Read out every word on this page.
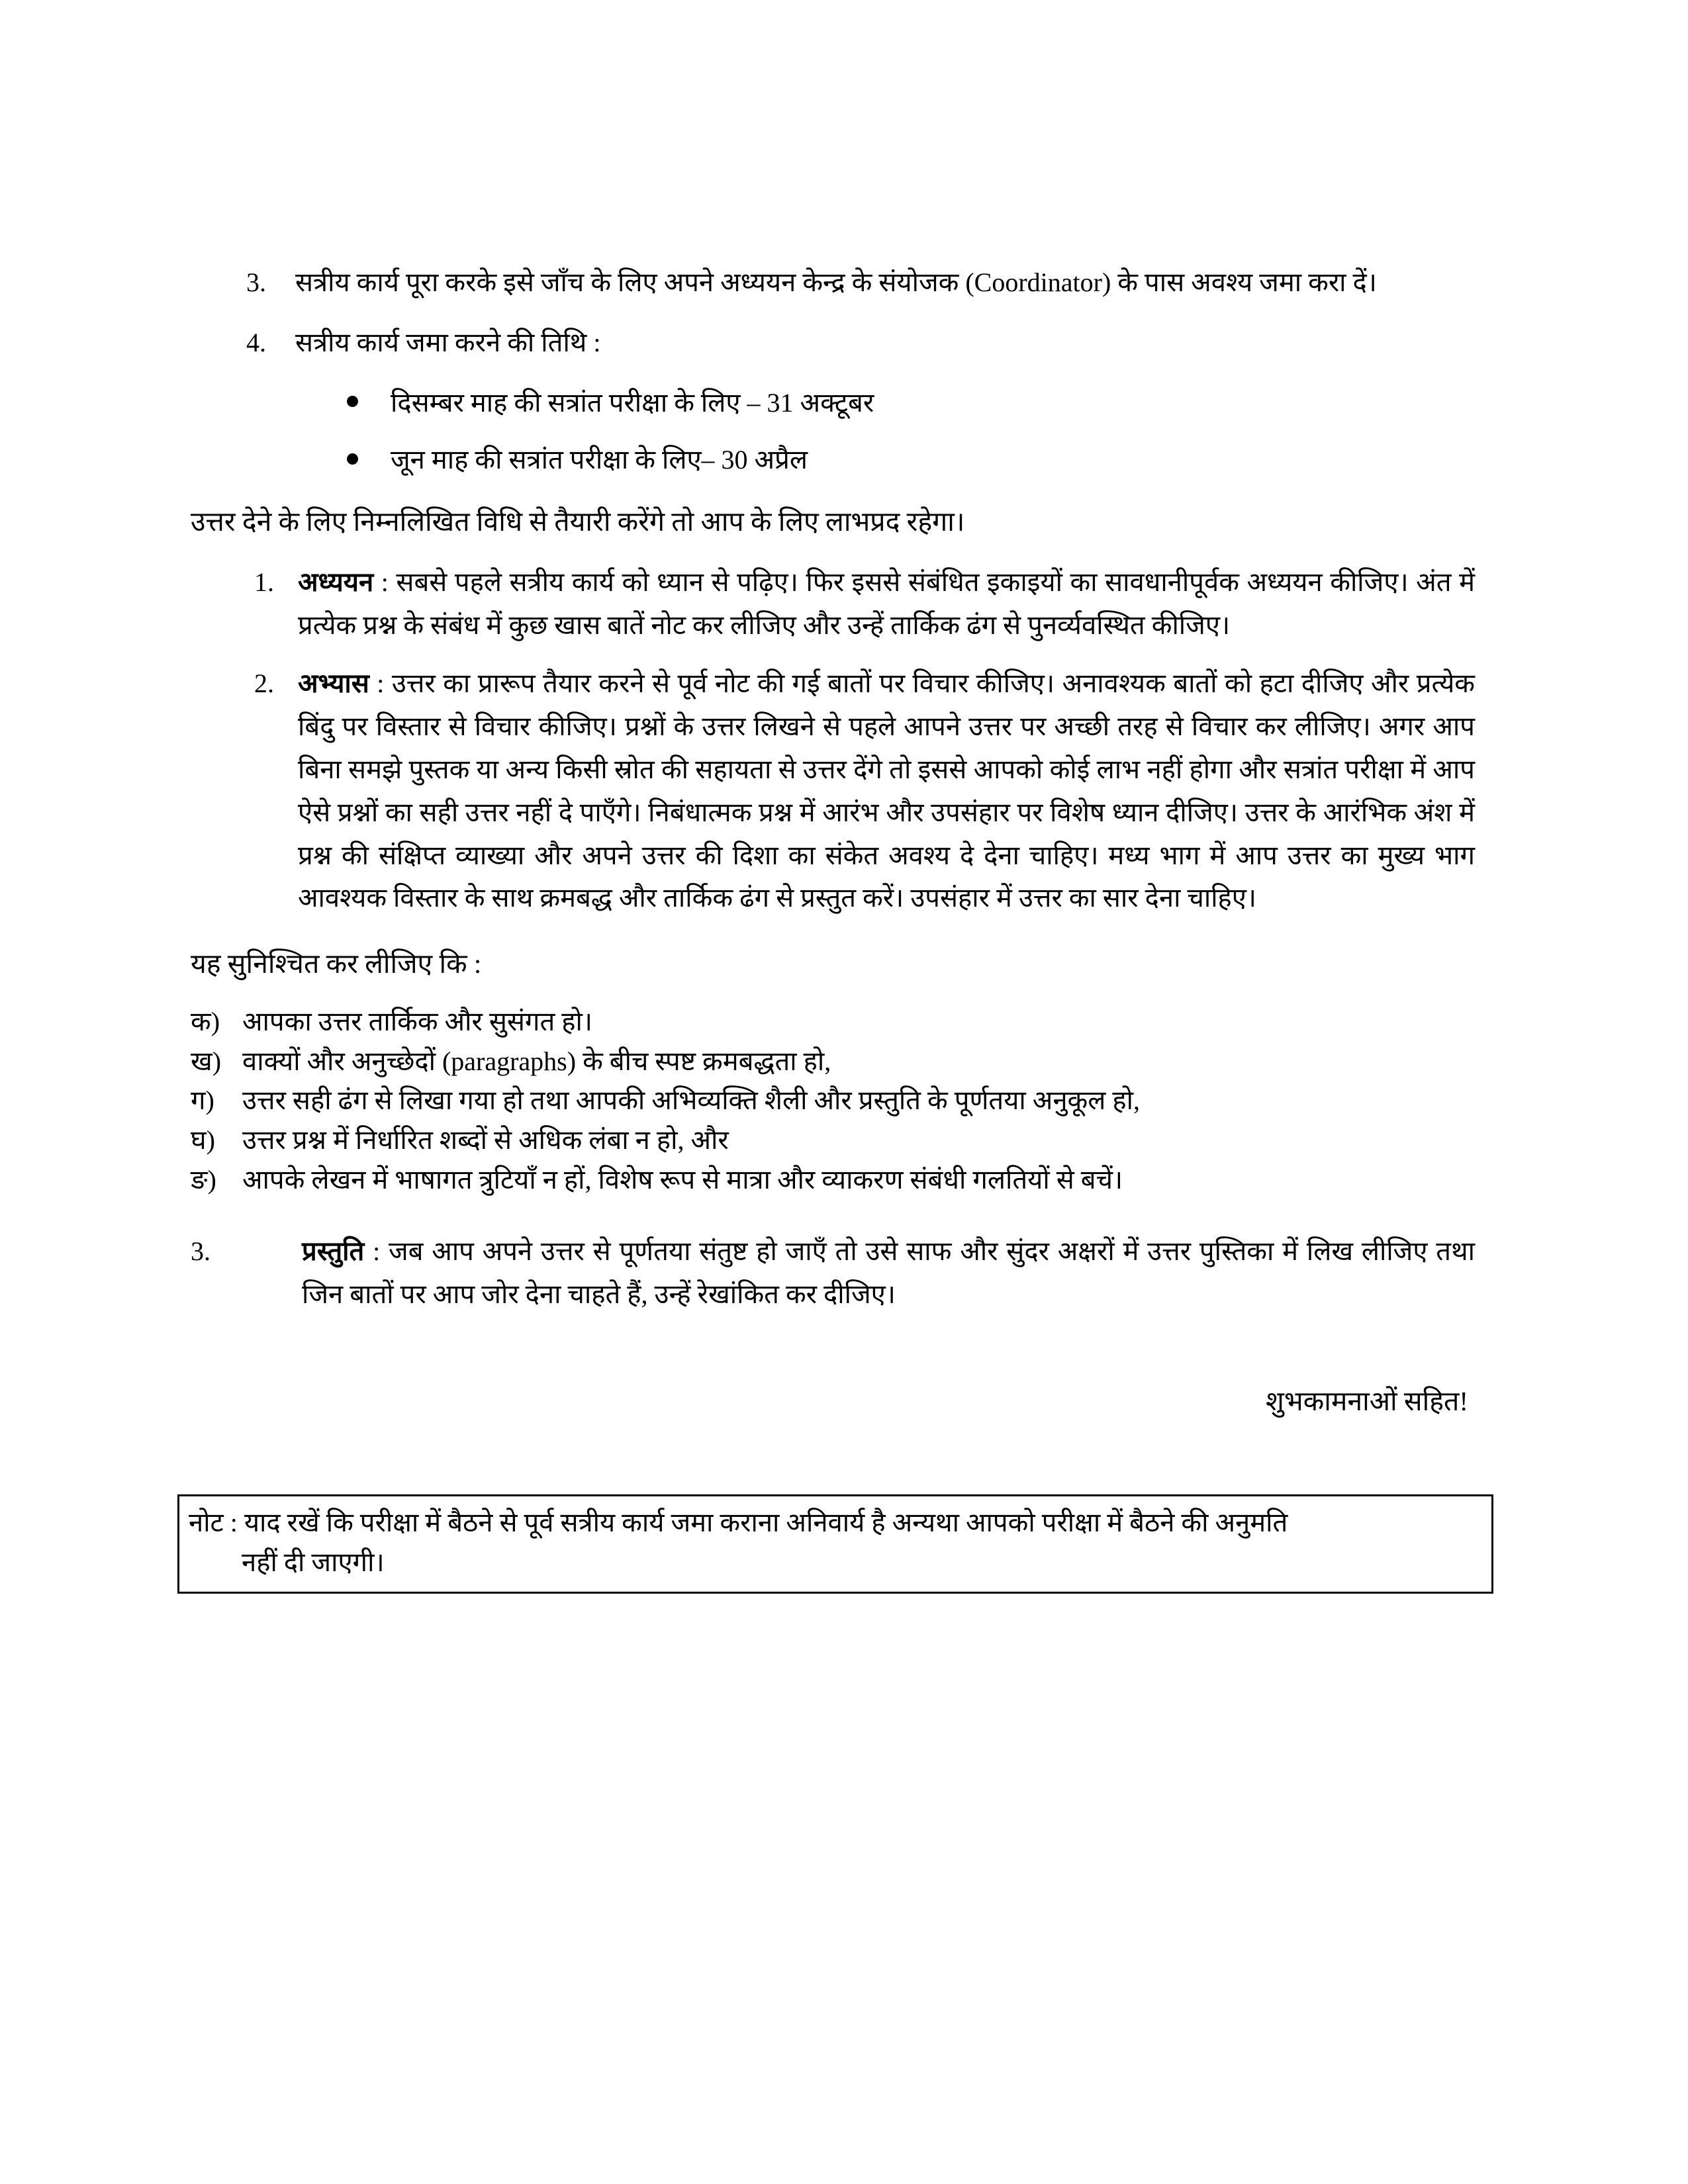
3.	सत्रीय कार्य पूरा करके इसे जाँच के लिए अपने अध्ययन केन्द्र के संयोजक (Coordinator) के पास अवश्य जमा करा दें।
4.	सत्रीय कार्य जमा करने की तिथि :
दिसम्बर माह की सत्रांत परीक्षा के लिए – 31 अक्टूबर
जून माह की सत्रांत परीक्षा के लिए– 30 अप्रैल
उत्तर देने के लिए निम्नलिखित विधि से तैयारी करेंगे तो आप के लिए लाभप्रद रहेगा।
1. अध्ययन : सबसे पहले सत्रीय कार्य को ध्यान से पढ़िए। फिर इससे संबंधित इकाइयों का सावधानीपूर्वक अध्ययन कीजिए। अंत में प्रत्येक प्रश्न के संबंध में कुछ खास बातें नोट कर लीजिए और उन्हें तार्किक ढंग से पुनर्व्यवस्थित कीजिए।
2. अभ्यास : उत्तर का प्रारूप तैयार करने से पूर्व नोट की गई बातों पर विचार कीजिए। अनावश्यक बातों को हटा दीजिए और प्रत्येक बिंदु पर विस्तार से विचार कीजिए। प्रश्नों के उत्तर लिखने से पहले आपने उत्तर पर अच्छी तरह से विचार कर लीजिए। अगर आप बिना समझे पुस्तक या अन्य किसी स्रोत की सहायता से उत्तर देंगे तो इससे आपको कोई लाभ नहीं होगा और सत्रांत परीक्षा में आप ऐसे प्रश्नों का सही उत्तर नहीं दे पाएँगे। निबंधात्मक प्रश्न में आरंभ और उपसंहार पर विशेष ध्यान दीजिए। उत्तर के आरंभिक अंश में प्रश्न की संक्षिप्त व्याख्या और अपने उत्तर की दिशा का संकेत अवश्य दे देना चाहिए। मध्य भाग में आप उत्तर का मुख्य भाग आवश्यक विस्तार के साथ क्रमबद्ध और तार्किक ढंग से प्रस्तुत करें। उपसंहार में उत्तर का सार देना चाहिए।
यह सुनिश्चित कर लीजिए कि :
क) आपका उत्तर तार्किक और सुसंगत हो।
ख) वाक्यों और अनुच्छेदों (paragraphs) के बीच स्पष्ट क्रमबद्धता हो,
ग)	उत्तर सही ढंग से लिखा गया हो तथा आपकी अभिव्यक्ति शैली और प्रस्तुति के पूर्णतया अनुकूल हो,
घ)	उत्तर प्रश्न में निर्धारित शब्दों से अधिक लंबा न हो, और
ङ) आपके लेखन में भाषागत त्रुटियाँ न हों, विशेष रूप से मात्रा और व्याकरण संबंधी गलतियों से बचें।
3.	प्रस्तुति : जब आप अपने उत्तर से पूर्णतया संतुष्ट हो जाएँ तो उसे साफ और सुंदर अक्षरों में उत्तर पुस्तिका में लिख लीजिए तथा जिन बातों पर आप जोर देना चाहते हैं, उन्हें रेखांकित कर दीजिए।
शुभकामनाओं सहित!
नोट : याद रखें कि परीक्षा में बैठने से पूर्व सत्रीय कार्य जमा कराना अनिवार्य है अन्यथा आपको परीक्षा में बैठने की अनुमति
नहीं दी जाएगी।
